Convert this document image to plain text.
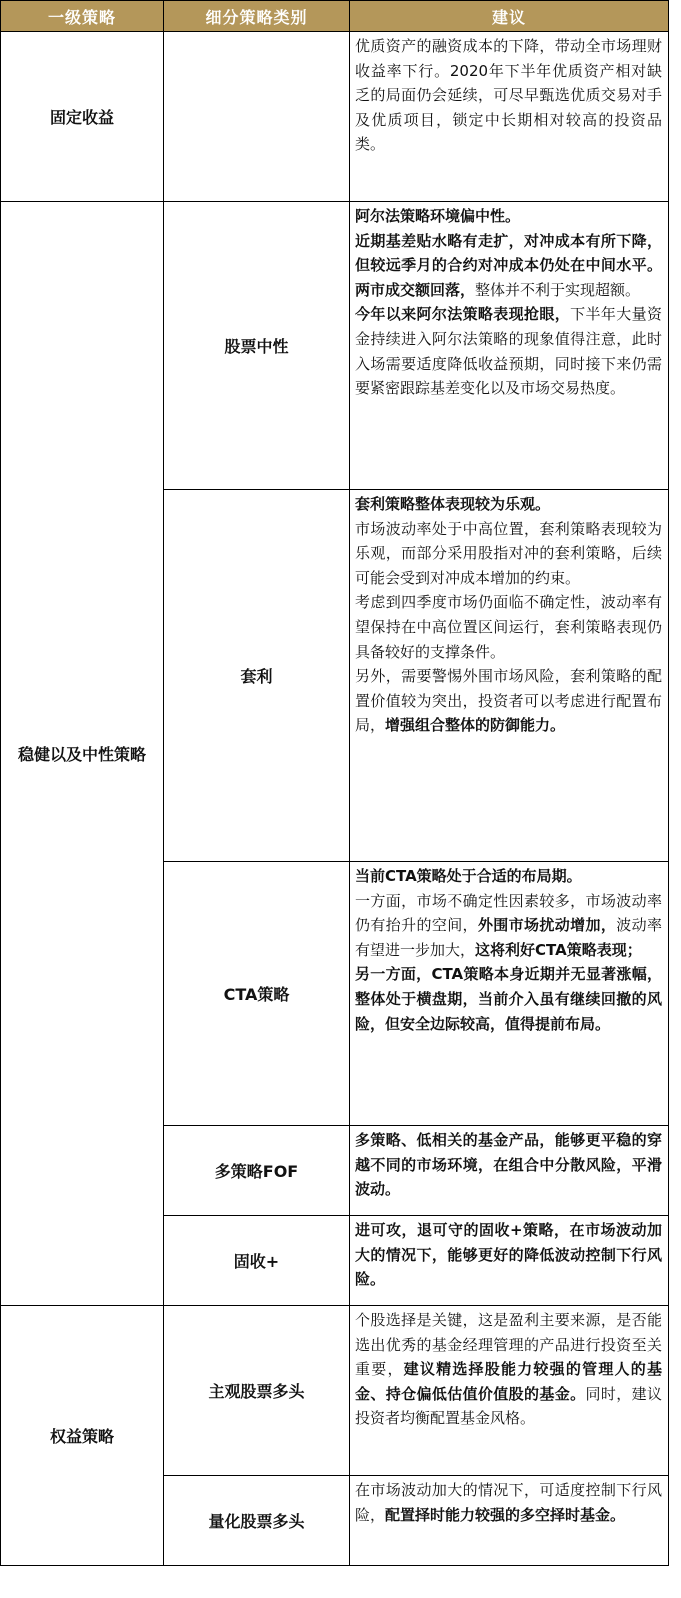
一级策略	细分策略类别	建议
固定收益		优质资产的融资成本的下降，带动全市场理财收益率下行。2020年下半年优质资产相对缺乏的局面仍会延续，可尽早甄选优质交易对手及优质项目，锁定中长期相对较高的投资品类。

稳健以及中性策略	股票中性	阿尔法策略环境偏中性。

近期基差贴水略有走扩，对冲成本有所下降，但较远季月的合约对冲成本仍处在中间水平。两市成交额回落，整体并不利于实现超额。

今年以来阿尔法策略表现抢眼，下半年大量资金持续进入阿尔法策略的现象值得注意，此时入场需要适度降低收益预期，同时接下来仍需要紧密跟踪基差变化以及市场交易热度。

	套利	套利策略整体表现较为乐观。

市场波动率处于中高位置，套利策略表现较为乐观，而部分采用股指对冲的套利策略，后续可能会受到对冲成本增加的约束。

考虑到四季度市场仍面临不确定性，波动率有望保持在中高位置区间运行，套利策略表现仍具备较好的支撑条件。

另外，需要警惕外围市场风险，套利策略的配置价值较为突出，投资者可以考虑进行配置布局，增强组合整体的防御能力。

	CTA策略	当前CTA策略处于合适的布局期。

一方面，市场不确定性因素较多，市场波动率仍有抬升的空间，外围市场扰动增加，波动率有望进一步加大，这将利好CTA策略表现；

另一方面，CTA策略本身近期并无显著涨幅，整体处于横盘期，当前介入虽有继续回撤的风险，但安全边际较高，值得提前布局。

	多策略FOF	多策略、低相关的基金产品，能够更平稳的穿越不同的市场环境，在组合中分散风险，平滑波动。

	固收+	进可攻，退可守的固收+策略，在市场波动加大的情况下，能够更好的降低波动控制下行风险。

权益策略	主观股票多头	个股选择是关键，这是盈利主要来源，是否能选出优秀的基金经理管理的产品进行投资至关重要，建议精选择股能力较强的管理人的基金、持仓偏低估值价值股的基金。同时，建议投资者均衡配置基金风格。

	量化股票多头	在市场波动加大的情况下，可适度控制下行风险，配置择时能力较强的多空择时基金。
